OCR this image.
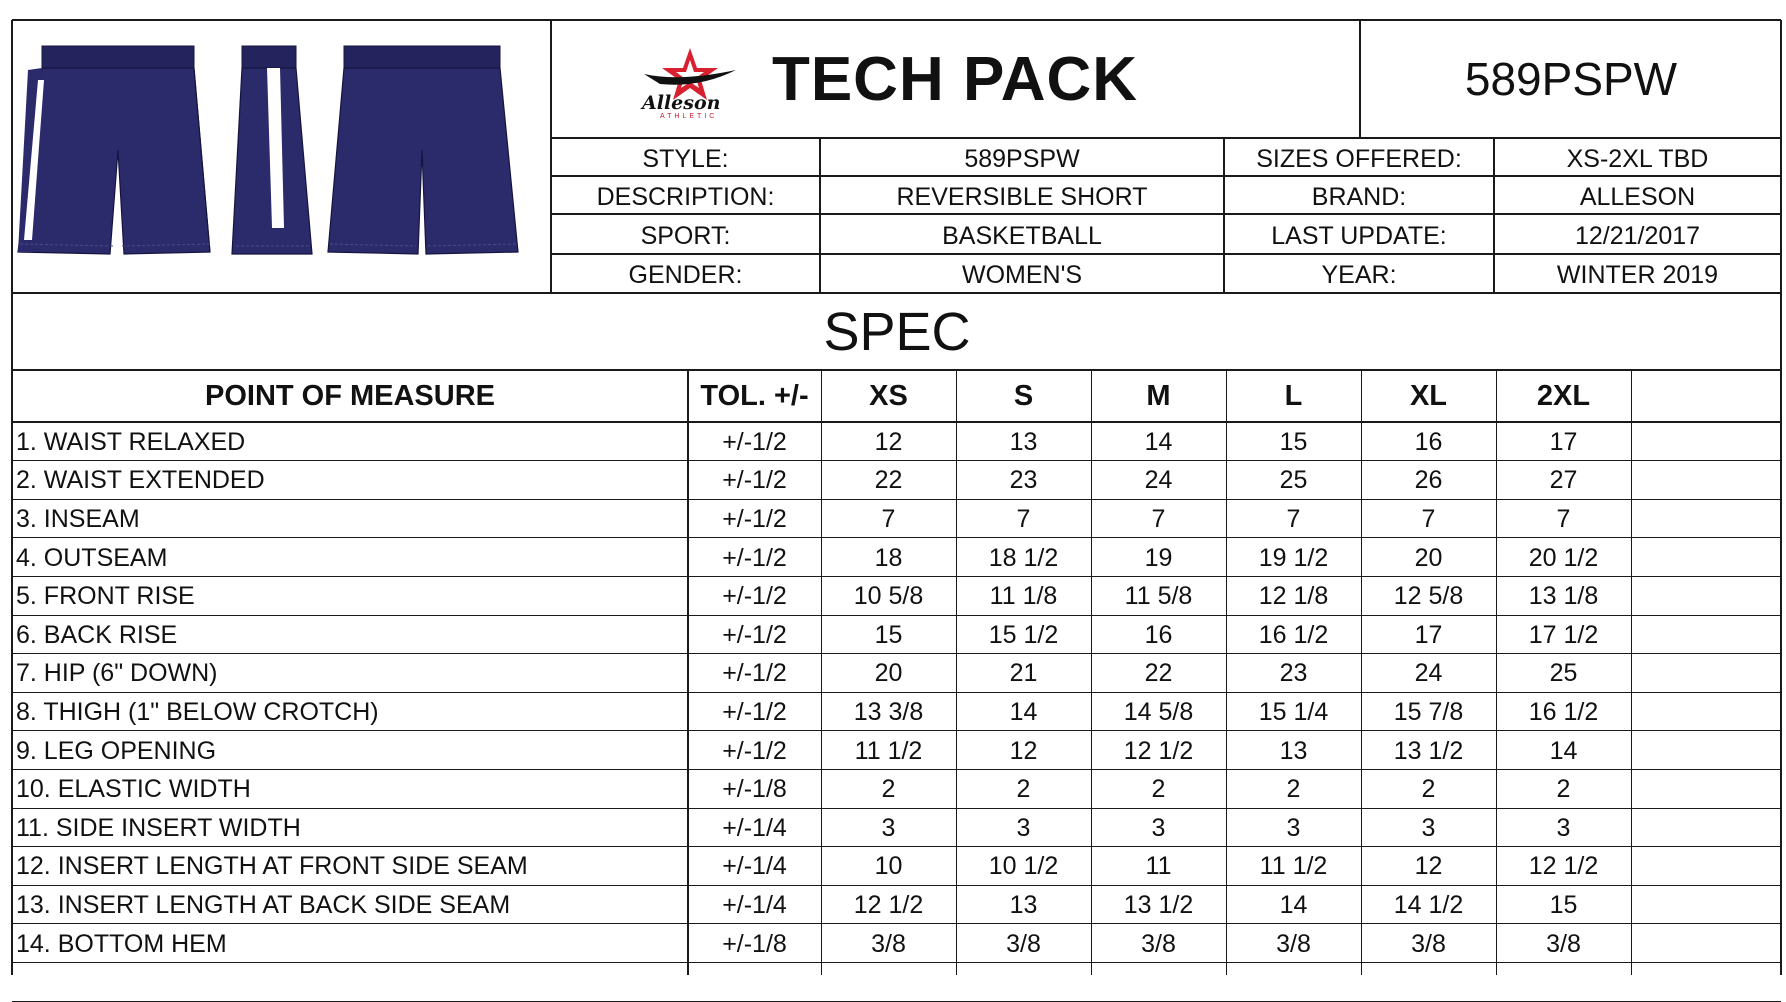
Alleson
ATHLETIC
TECH PACK	589PSPW
STYLE:	589PSPW	SIZES OFFERED:	XS-2XL TBD
DESCRIPTION:	REVERSIBLE SHORT	BRAND:	ALLESON
SPORT:	BASKETBALL	LAST UPDATE:	12/21/2017
GENDER:	WOMEN'S	YEAR:	WINTER 2019
SPEC
POINT OF MEASURE	TOL. +/-	XS	S	M	L	XL	2XL
1. WAIST RELAXED	+/-1/2	12	13	14	15	16	17
2. WAIST EXTENDED	+/-1/2	22	23	24	25	26	27
3. INSEAM	+/-1/2	7	7	7	7	7	7
4. OUTSEAM	+/-1/2	18	18 1/2	19	19 1/2	20	20 1/2
5. FRONT RISE	+/-1/2	10 5/8	11 1/8	11 5/8	12 1/8	12 5/8	13 1/8
6. BACK RISE	+/-1/2	15	15 1/2	16	16 1/2	17	17 1/2
7. HIP (6" DOWN)	+/-1/2	20	21	22	23	24	25
8. THIGH (1" BELOW CROTCH)	+/-1/2	13 3/8	14	14 5/8	15 1/4	15 7/8	16 1/2
9. LEG OPENING	+/-1/2	11 1/2	12	12 1/2	13	13 1/2	14
10. ELASTIC WIDTH	+/-1/8	2	2	2	2	2	2
11. SIDE INSERT WIDTH	+/-1/4	3	3	3	3	3	3
12. INSERT LENGTH AT FRONT SIDE SEAM	+/-1/4	10	10 1/2	11	11 1/2	12	12 1/2
13. INSERT LENGTH AT BACK SIDE SEAM	+/-1/4	12 1/2	13	13 1/2	14	14 1/2	15
14. BOTTOM HEM	+/-1/8	3/8	3/8	3/8	3/8	3/8	3/8
